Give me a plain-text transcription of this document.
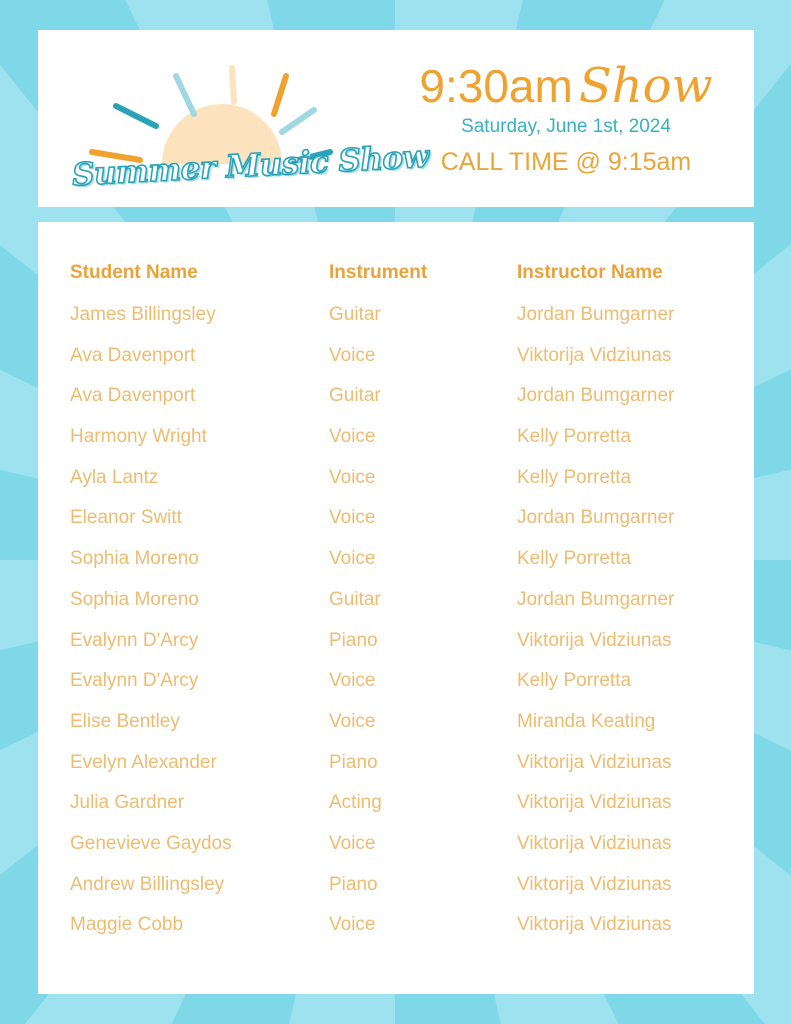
Summer Music Show
9:30am Show
Saturday, June 1st, 2024
CALL TIME @ 9:15am
Student Name	Instrument	Instructor Name
James Billingsley	Guitar	Jordan Bumgarner
Ava Davenport	Voice	Viktorija Vidziunas
Ava Davenport	Guitar	Jordan Bumgarner
Harmony Wright	Voice	Kelly Porretta
Ayla Lantz	Voice	Kelly Porretta
Eleanor Switt	Voice	Jordan Bumgarner
Sophia Moreno	Voice	Kelly Porretta
Sophia Moreno	Guitar	Jordan Bumgarner
Evalynn D'Arcy	Piano	Viktorija Vidziunas
Evalynn D'Arcy	Voice	Kelly Porretta
Elise Bentley	Voice	Miranda Keating
Evelyn Alexander	Piano	Viktorija Vidziunas
Julia Gardner	Acting	Viktorija Vidziunas
Genevieve Gaydos	Voice	Viktorija Vidziunas
Andrew Billingsley	Piano	Viktorija Vidziunas
Maggie Cobb	Voice	Viktorija Vidziunas
